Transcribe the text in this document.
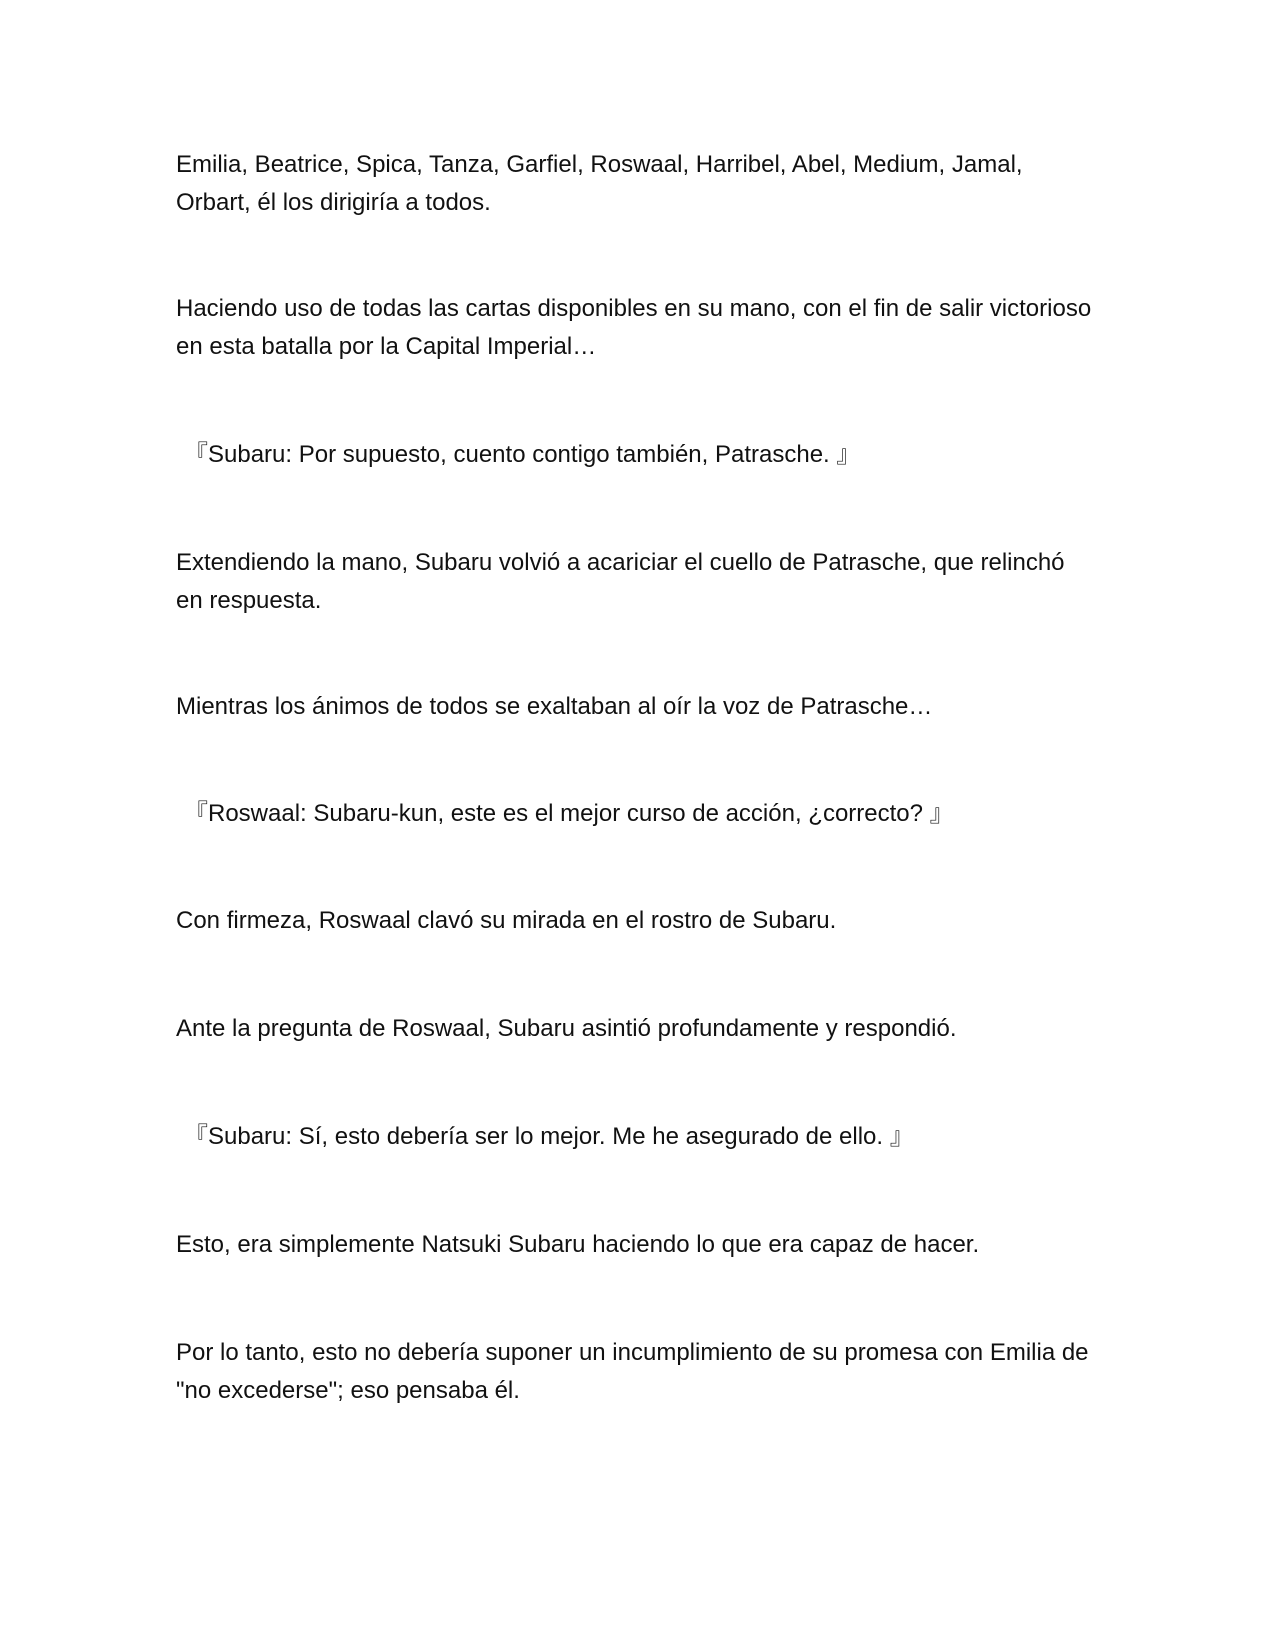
Emilia, Beatrice, Spica, Tanza, Garfiel, Roswaal, Harribel, Abel, Medium, Jamal, Orbart, él los dirigiría a todos.

Haciendo uso de todas las cartas disponibles en su mano, con el fin de salir victorioso en esta batalla por la Capital Imperial…

『Subaru: Por supuesto, cuento contigo también, Patrasche. 』

Extendiendo la mano, Subaru volvió a acariciar el cuello de Patrasche, que relinchó en respuesta.

Mientras los ánimos de todos se exaltaban al oír la voz de Patrasche…

『Roswaal: Subaru-kun, este es el mejor curso de acción, ¿correcto? 』

Con firmeza, Roswaal clavó su mirada en el rostro de Subaru.

Ante la pregunta de Roswaal, Subaru asintió profundamente y respondió.

『Subaru: Sí, esto debería ser lo mejor. Me he asegurado de ello. 』

Esto, era simplemente Natsuki Subaru haciendo lo que era capaz de hacer.

Por lo tanto, esto no debería suponer un incumplimiento de su promesa con Emilia de "no excederse"; eso pensaba él.
